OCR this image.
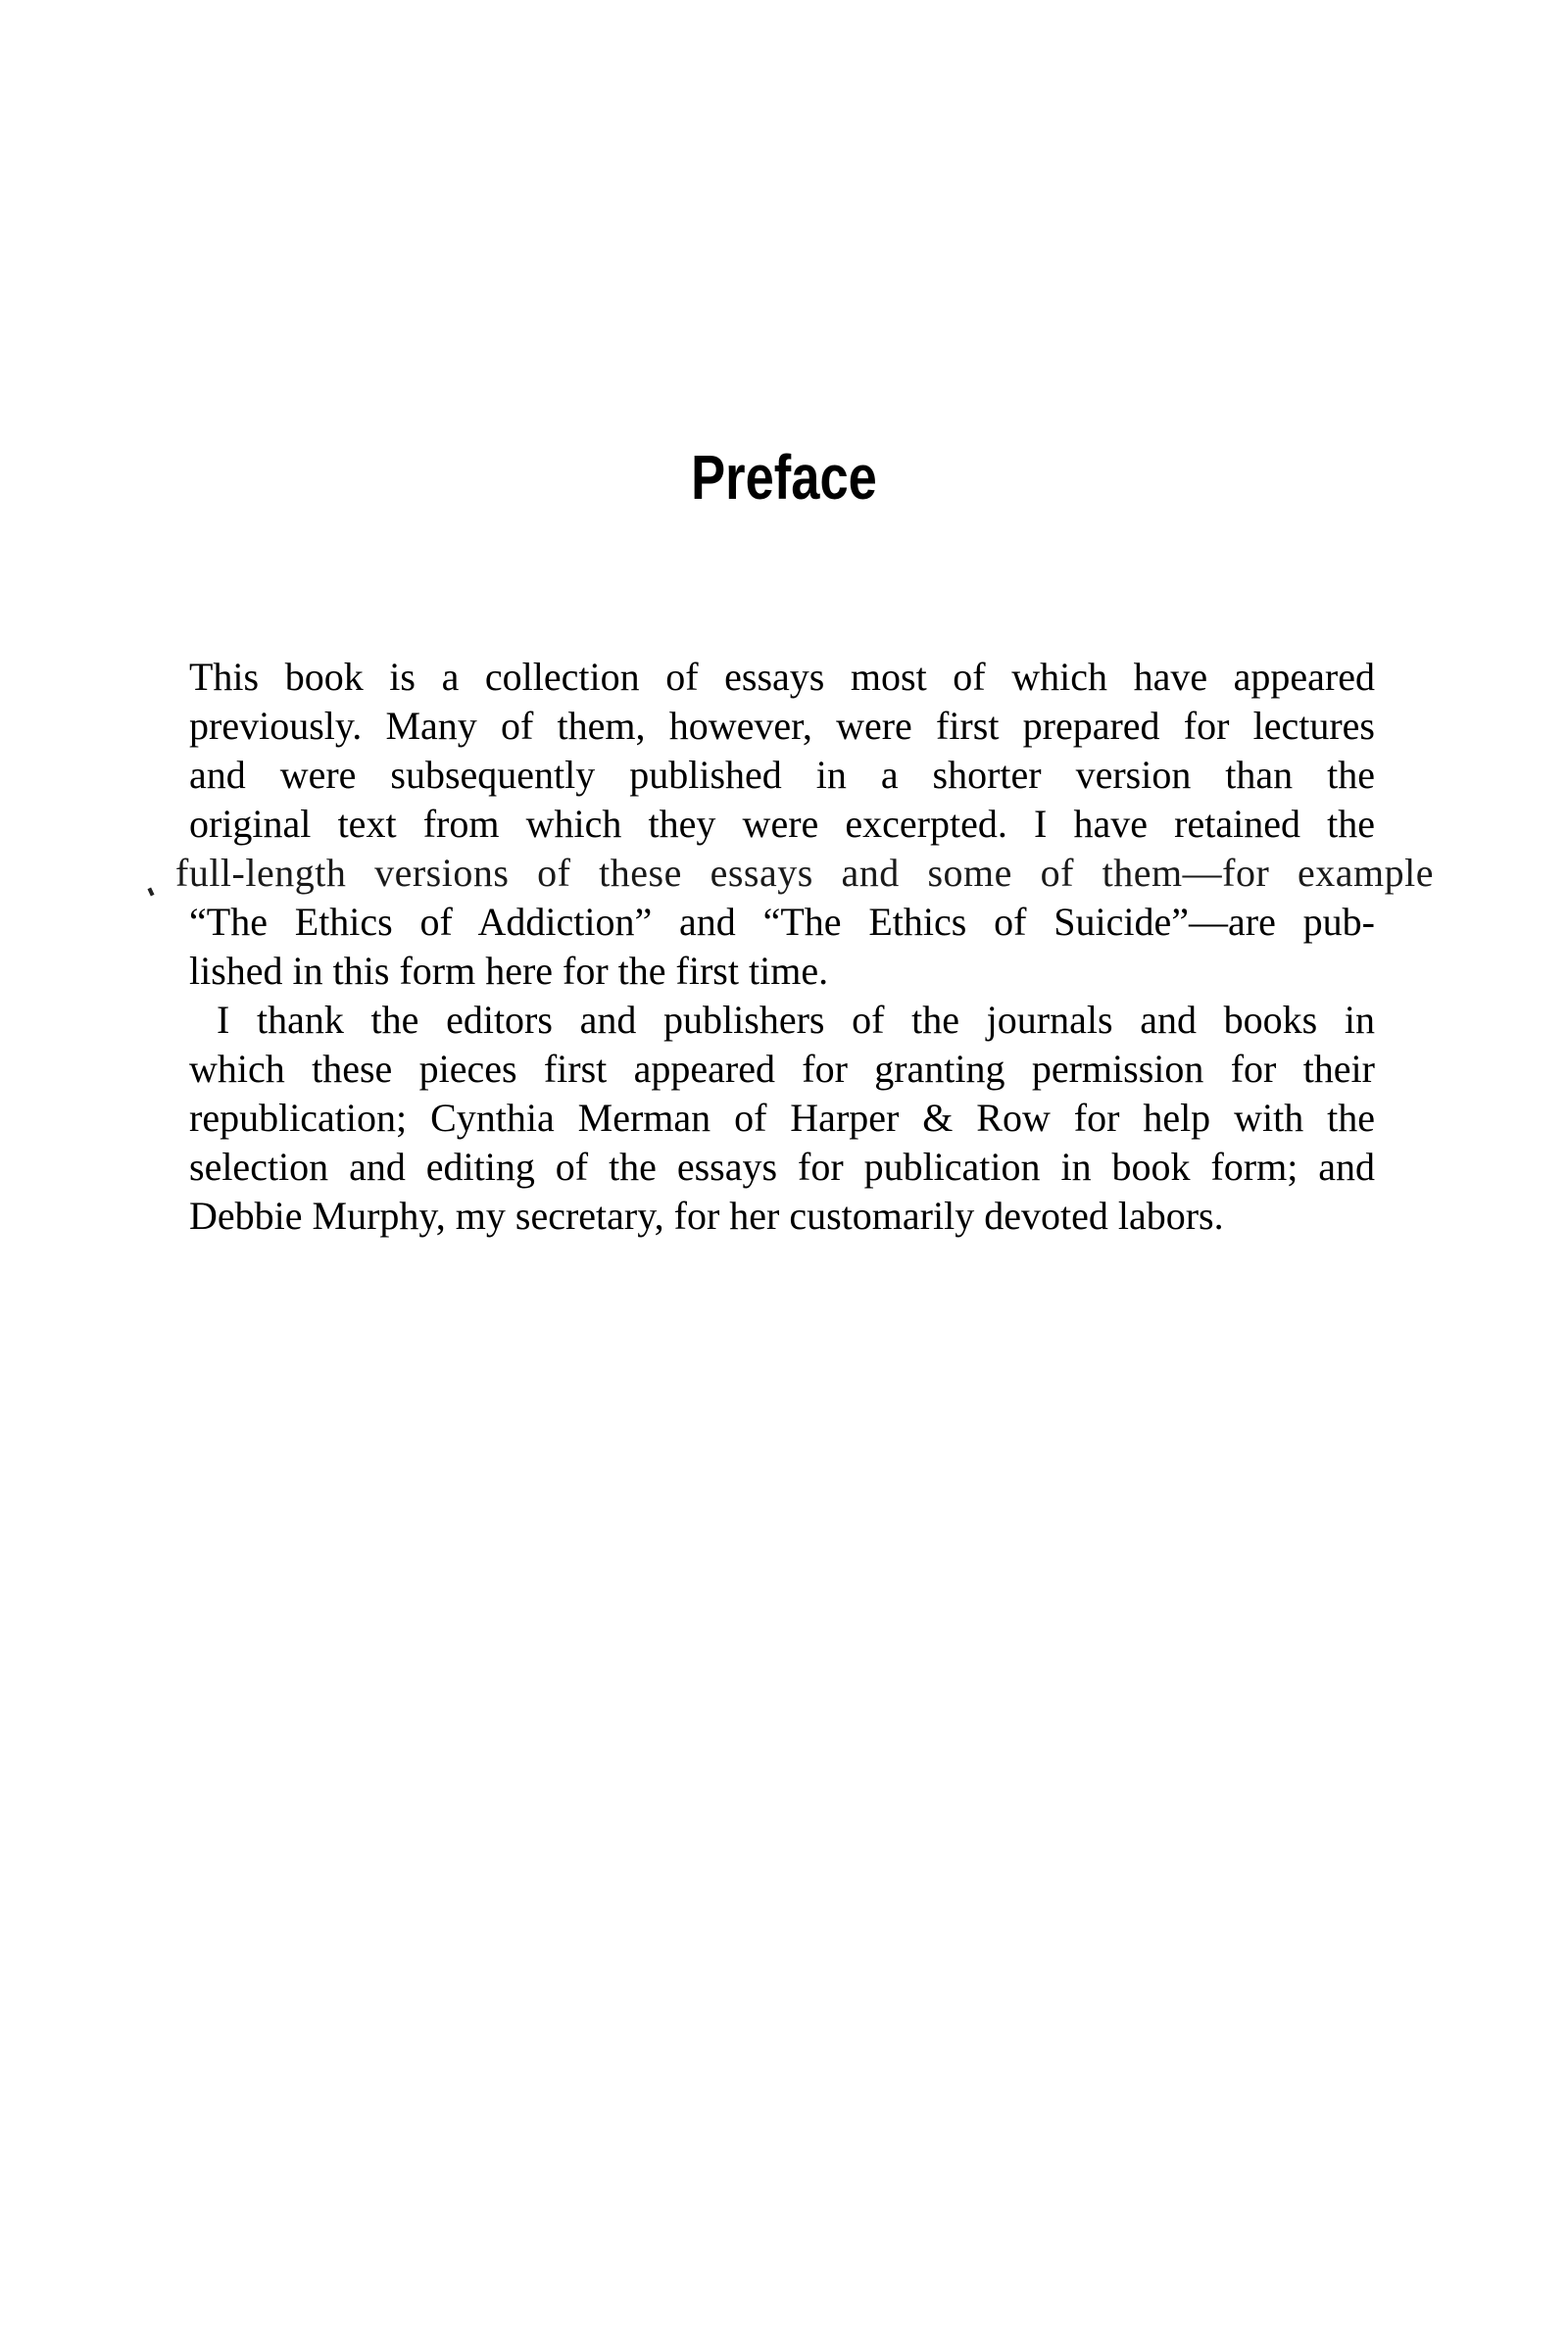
Preface
This book is a collection of essays most of which have appeared
previously. Many of them, however, were first prepared for lectures
and were subsequently published in a shorter version than the
original text from which they were excerpted. I have retained the
full-length versions of these essays and some of them—for example
“The Ethics of Addiction” and “The Ethics of Suicide”—are pub-
lished in this form here for the first time.
I thank the editors and publishers of the journals and books in
which these pieces first appeared for granting permission for their
republication; Cynthia Merman of Harper & Row for help with the
selection and editing of the essays for publication in book form; and
Debbie Murphy, my secretary, for her customarily devoted labors.
